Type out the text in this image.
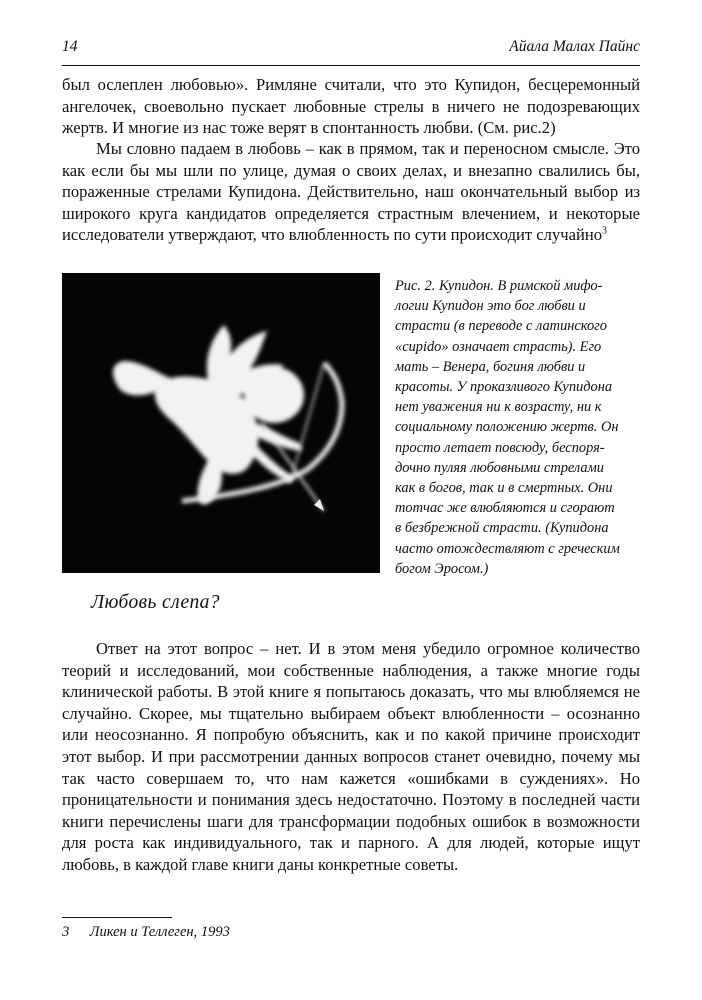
14	Айала Малах Пайнс

был ослеплен любовью». Римляне считали, что это Купидон, бесцеремонный ангелочек, своевольно пускает любовные стрелы в ничего не подозревающих жертв. И многие из нас тоже верят в спонтанность любви. (См. рис.2)

Мы словно падаем в любовь – как в прямом, так и переносном смысле. Это как если бы мы шли по улице, думая о своих делах, и внезапно свалились бы, пораженные стрелами Купидона. Действительно, наш окончательный выбор из широкого круга кандидатов определяется страстным влечением, и некоторые исследователи утверждают, что влюбленность по сути происходит случайно$^3$

Рис. 2. Купидон. В римской мифо-
логии Купидон это бог любви и
страсти (в переводе с латинского
«cupido» означает страсть). Его
мать – Венера, богиня любви и
красоты. У проказливого Купидона
нет уважения ни к возрасту, ни к
социальному положению жертв. Он
просто летает повсюду, беспоря-
дочно пуляя любовными стрелами
как в богов, так и в смертных. Они
тотчас же влюбляются и сгорают
в безбрежной страсти. (Купидона
часто отождествляют с греческим
богом Эросом.)

Любовь слепа?

Ответ на этот вопрос – нет. И в этом меня убедило огромное количество теорий и исследований, мои собственные наблюдения, а также многие годы клинической работы. В этой книге я попытаюсь доказать, что мы влюбляемся не случайно. Скорее, мы тщательно выбираем объект влюбленности – осознанно или неосознанно. Я попробую объяснить, как и по какой причине происходит этот выбор. И при рассмотрении данных вопросов станет очевидно, почему мы так часто совершаем то, что нам кажется «ошибками в суждениях». Но проницательности и понимания здесь недостаточно. Поэтому в последней части книги перечислены шаги для трансформации подобных ошибок в возможности для роста как индивидуального, так и парного. А для людей, которые ищут любовь, в каждой главе книги даны конкретные советы.

3 Ликен и Теллеген, 1993
